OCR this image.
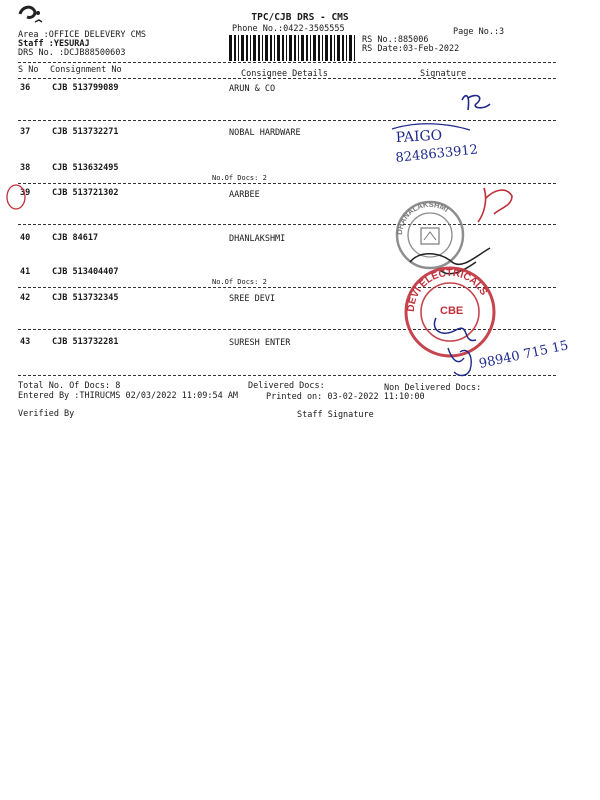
TPC/CJB DRS - CMS
Phone No.:0422-3505555	Page No.:3
Area :OFFICE DELEVERY CMS
Staff :YESURAJ
DRS No. :DCJB88500603
RS No.:885006
RS Date:03-Feb-2022
S No Consignment No	Consignee Details	Signature
36	CJB 513799089	ARUN & CO
37	CJB 513732271	NOBAL HARDWARE
38	CJB 513632495
No.Of Docs: 2
39	CJB 513721302	AARBEE
40	CJB 84617	DHANLAKSHMI
41	CJB 513404407
No.Of Docs: 2
42	CJB 513732345	SREE DEVI
43	CJB 513732281	SURESH ENTER
Total No. Of Docs: 8	Delivered Docs:	Non Delivered Docs:
Entered By :THIRUCMS 02/03/2022 11:09:54 AM	Printed on: 03-02-2022 11:10:00
Verified By	Staff Signature
PAIGO
8248633912
DHANALAKSHMI
DEVI ELECTRICALS
CBE
98940 715 15
